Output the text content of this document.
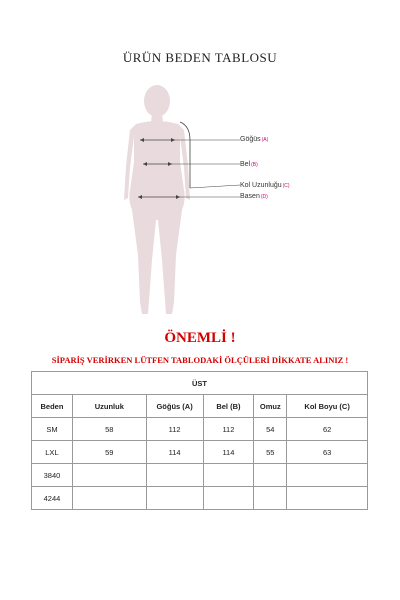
ÜRÜN BEDEN TABLOSU
Göğüs(A)
Bel(B)
Kol Uzunluğu(C)
Basen(D)
ÖNEMLİ !
SİPARİŞ VERİRKEN LÜTFEN TABLODAKİ ÖLÇÜLERİ DİKKATE ALINIZ !
ÜST					
Beden	Uzunluk	Göğüs (A)	Bel (B)	Omuz	Kol Boyu (C)
SM	58	112	112	54	62
LXL	59	114	114	55	63
3840					
4244					
